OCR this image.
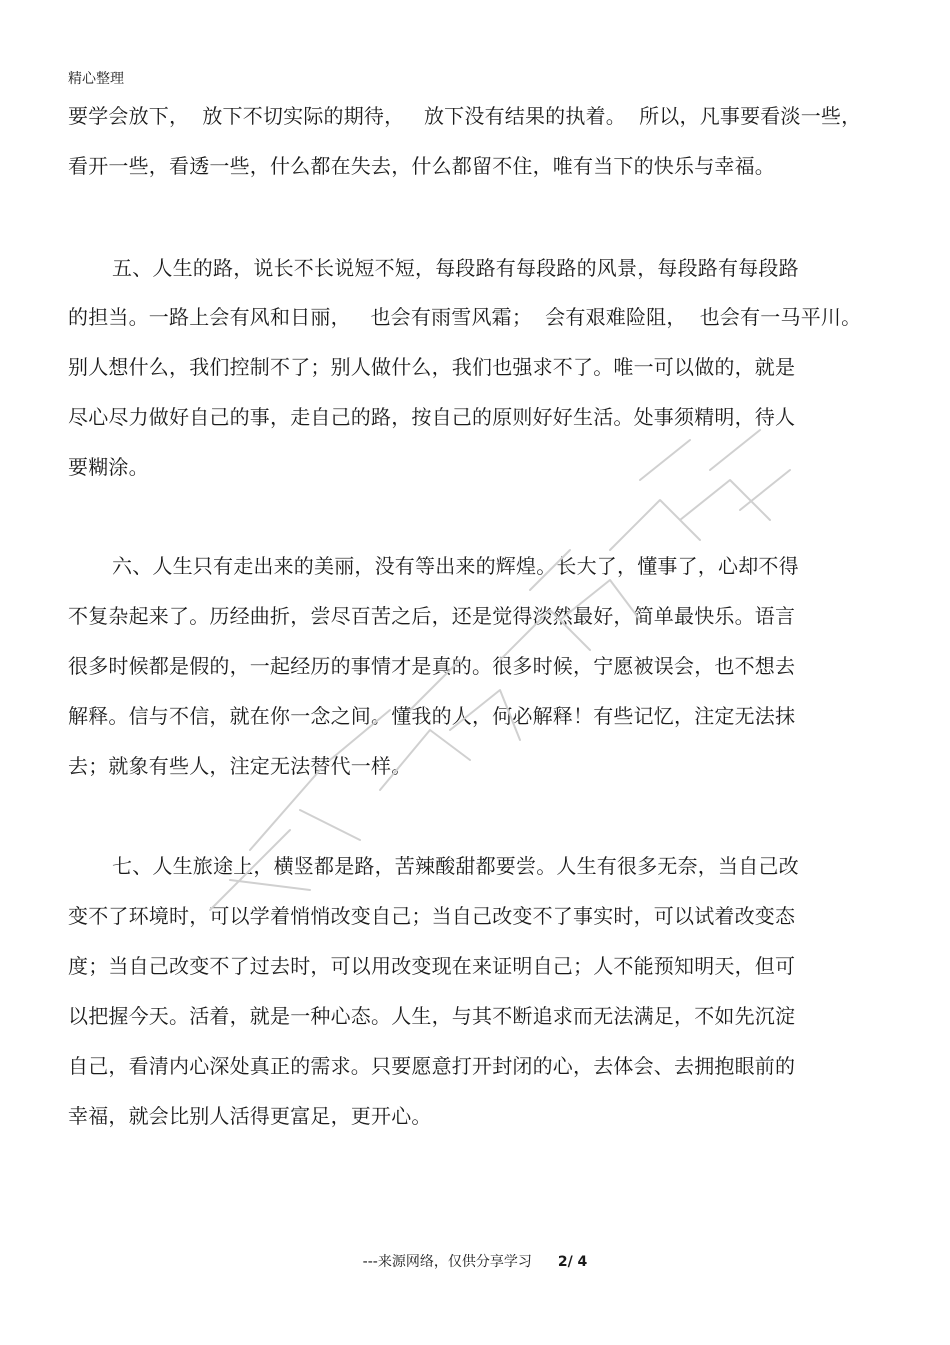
精心整理
要学会放下，  放下不切实际的期待，   放下没有结果的执着。  所以，凡事要看淡一些，
看开一些，看透一些，什么都在失去，什么都留不住，唯有当下的快乐与幸福。
五、人生的路，说长不长说短不短，每段路有每段路的风景，每段路有每段路
的担当。一路上会有风和日丽，   也会有雨雪风霜；  会有艰难险阻，  也会有一马平川。
别人想什么，我们控制不了；别人做什么，我们也强求不了。唯一可以做的，就是
尽心尽力做好自己的事，走自己的路，按自己的原则好好生活。处事须精明，待人
要糊涂。
六、人生只有走出来的美丽，没有等出来的辉煌。长大了，懂事了，心却不得
不复杂起来了。历经曲折，尝尽百苦之后，还是觉得淡然最好，简单最快乐。语言
很多时候都是假的，一起经历的事情才是真的。很多时候，宁愿被误会，也不想去
解释。信与不信，就在你一念之间。懂我的人，何必解释！有些记忆，注定无法抹
去；就象有些人，注定无法替代一样。
七、人生旅途上，横竖都是路，苦辣酸甜都要尝。人生有很多无奈，当自己改
变不了环境时，可以学着悄悄改变自己；当自己改变不了事实时，可以试着改变态
度；当自己改变不了过去时，可以用改变现在来证明自己；人不能预知明天，但可
以把握今天。活着，就是一种心态。人生，与其不断追求而无法满足，不如先沉淀
自己，看清内心深处真正的需求。只要愿意打开封闭的心，去体会、去拥抱眼前的
幸福，就会比别人活得更富足，更开心。
---来源网络，仅供分享学习 2/ 4
